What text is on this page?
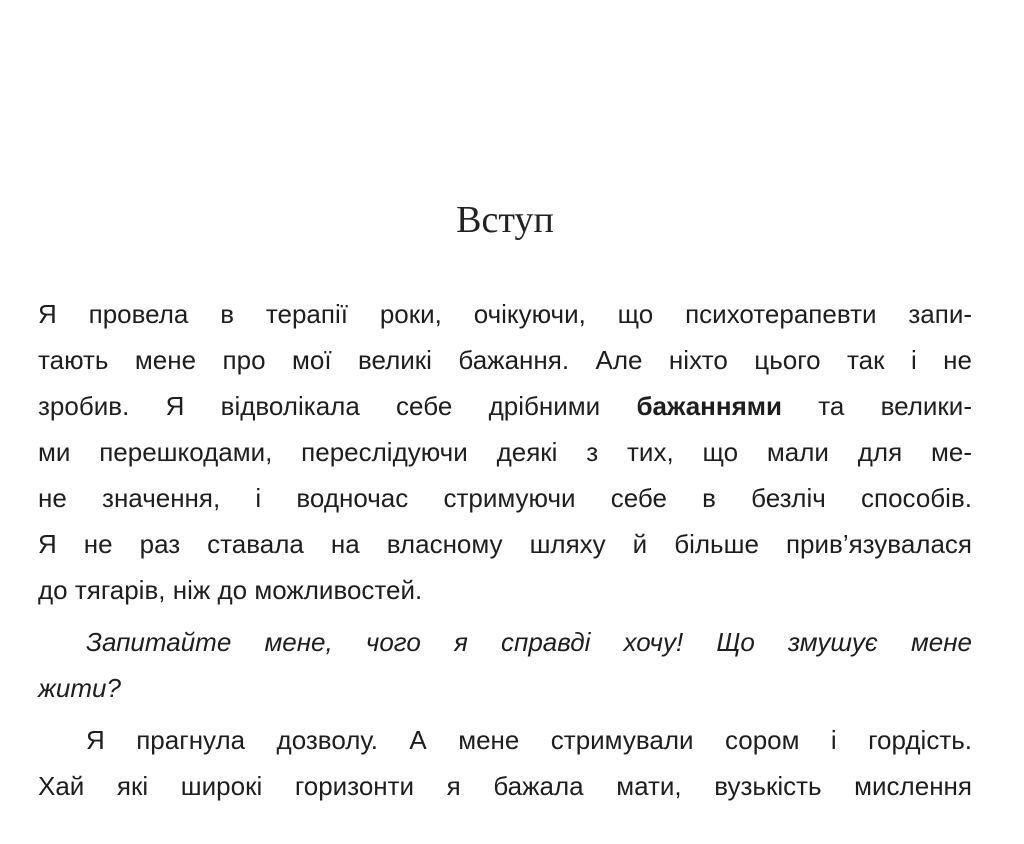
Вступ
Я провела в терапії роки, очікуючи, що психотерапевти запи-
тають мене про мої великі бажання. Але ніхто цього так і не
зробив. Я відволікала себе дрібними бажаннями та велики-
ми перешкодами, переслідуючи деякі з тих, що мали для ме-
не значення, і водночас стримуючи себе в безліч способів.
Я не раз ставала на власному шляху й більше прив’язувалася
до тягарів, ніж до можливостей.
Запитайте мене, чого я справді хочу! Що змушує мене
жити?
Я прагнула дозволу. А мене стримували сором і гордість.
Хай які широкі горизонти я бажала мати, вузькість мислення
